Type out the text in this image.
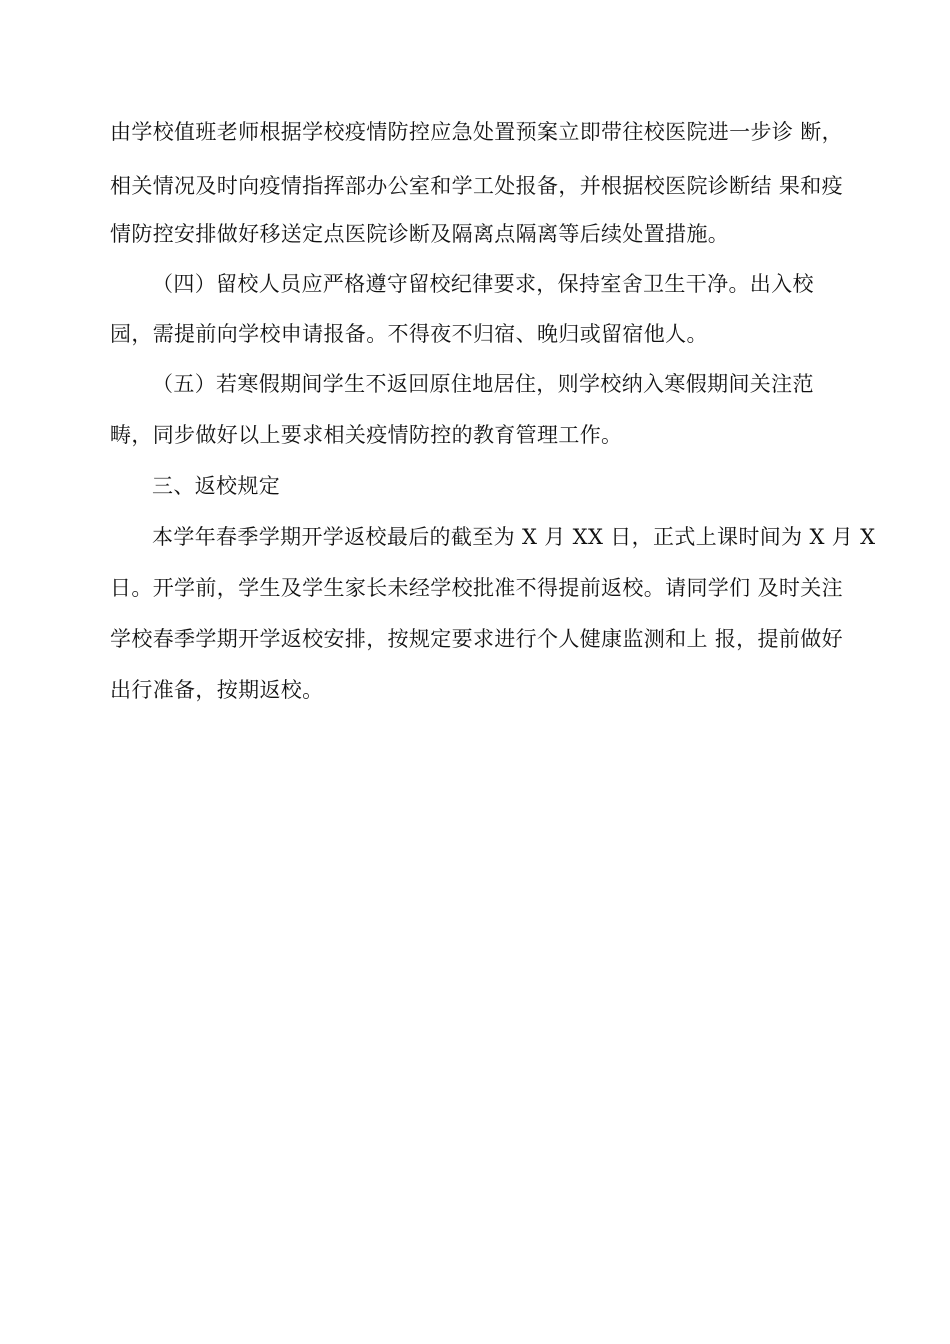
由学校值班老师根据学校疫情防控应急处置预案立即带往校医院进一步诊 断，
相关情况及时向疫情指挥部办公室和学工处报备，并根据校医院诊断结 果和疫
情防控安排做好移送定点医院诊断及隔离点隔离等后续处置措施。
（四）留校人员应严格遵守留校纪律要求，保持室舍卫生干净。出入校
园，需提前向学校申请报备。不得夜不归宿、晚归或留宿他人。
（五）若寒假期间学生不返回原住地居住，则学校纳入寒假期间关注范
畴，同步做好以上要求相关疫情防控的教育管理工作。
三、返校规定
本学年春季学期开学返校最后的截至为 X 月 XX 日，正式上课时间为 X 月 X
日。开学前，学生及学生家长未经学校批准不得提前返校。请同学们 及时关注
学校春季学期开学返校安排，按规定要求进行个人健康监测和上 报，提前做好
出行准备，按期返校。
